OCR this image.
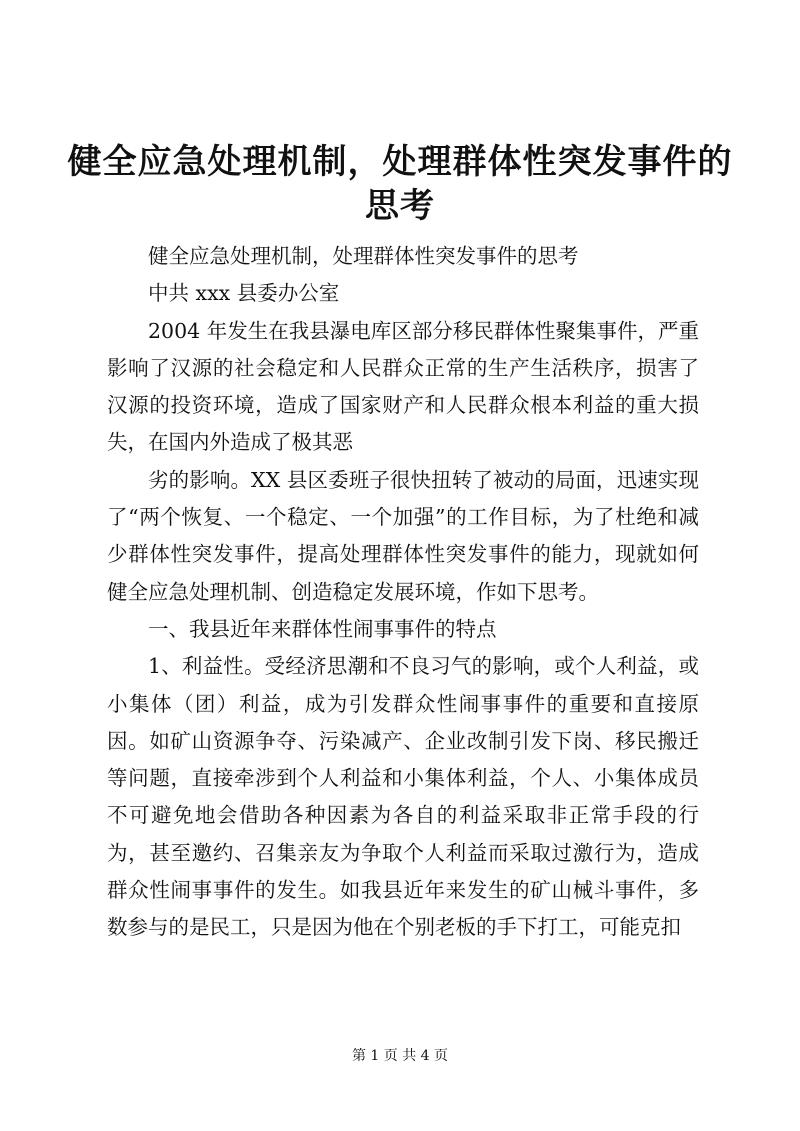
健全应急处理机制，处理群体性突发事件的思考

健全应急处理机制，处理群体性突发事件的思考

中共 xxx 县委办公室

2004 年发生在我县瀑电库区部分移民群体性聚集事件，严重影响了汉源的社会稳定和人民群众正常的生产生活秩序，损害了汉源的投资环境，造成了国家财产和人民群众根本利益的重大损失，在国内外造成了极其恶

劣的影响。XX 县区委班子很快扭转了被动的局面，迅速实现了“两个恢复、一个稳定、一个加强”的工作目标，为了杜绝和减少群体性突发事件，提高处理群体性突发事件的能力，现就如何健全应急处理机制、创造稳定发展环境，作如下思考。

一、我县近年来群体性闹事事件的特点

1、利益性。受经济思潮和不良习气的影响，或个人利益，或小集体（团）利益，成为引发群众性闹事事件的重要和直接原因。如矿山资源争夺、污染减产、企业改制引发下岗、移民搬迁等问题，直接牵涉到个人利益和小集体利益，个人、小集体成员不可避免地会借助各种因素为各自的利益采取非正常手段的行为，甚至邀约、召集亲友为争取个人利益而采取过激行为，造成群众性闹事事件的发生。如我县近年来发生的矿山械斗事件，多数参与的是民工，只是因为他在个别老板的手下打工，可能克扣

第 1 页 共 4 页
